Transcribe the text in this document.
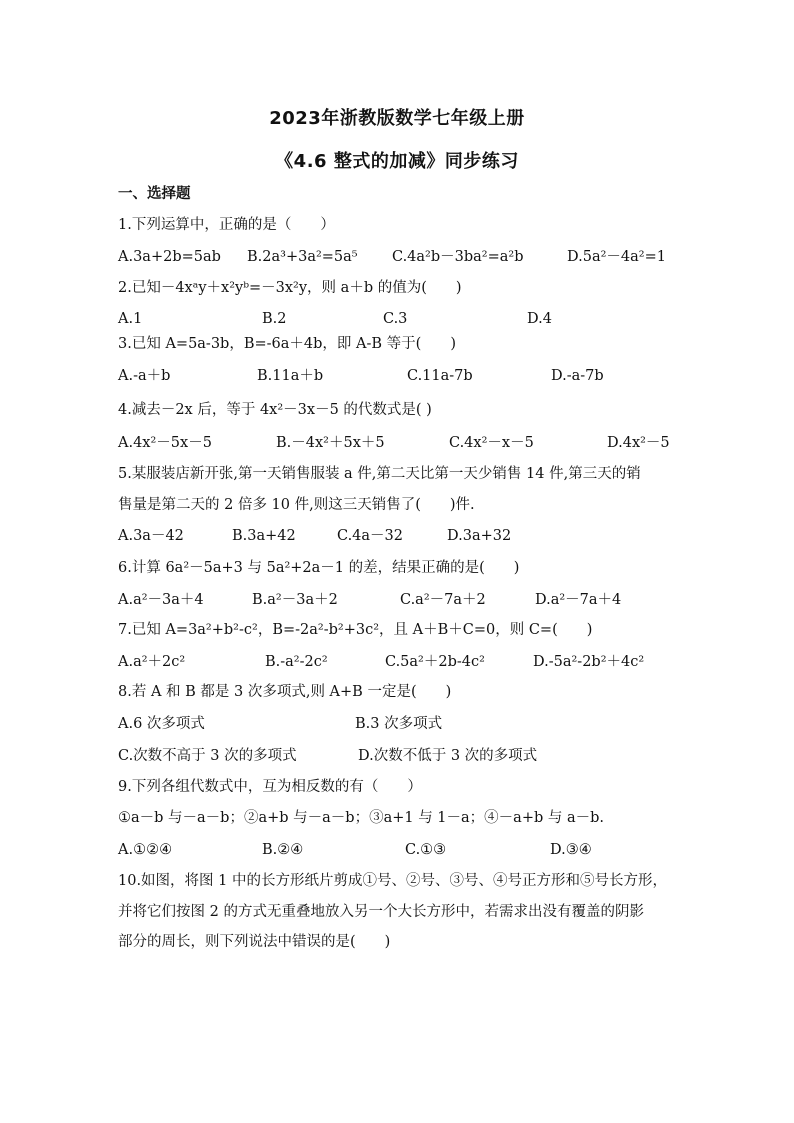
2023年浙教版数学七年级上册
《4.6 整式的加减》同步练习
一、选择题
1.下列运算中，正确的是（　　）
A.3a+2b=5ab B.2a³+3a²=5a⁵ C.4a²b－3ba²=a²b	D.5a²－4a²=1
2.已知－4xᵃy＋x²yᵇ=－3x²y，则 a＋b 的值为(　　)
A.1	B.2	C.3	D.4
3.已知 A=5a-3b，B=-6a＋4b，即 A-B 等于(　　)
A.-a＋b	B.11a＋b	C.11a-7b	D.-a-7b
4.减去－2x 后，等于 4x²－3x－5 的代数式是( )
A.4x²－5x－5	B.－4x²＋5x＋5	C.4x²－x－5	D.4x²－5
5.某服装店新开张,第一天销售服装 a 件,第二天比第一天少销售 14 件,第三天的销
售量是第二天的 2 倍多 10 件,则这三天销售了(　　)件.
A.3a－42	B.3a+42	C.4a－32	D.3a+32
6.计算 6a²－5a+3 与 5a²+2a－1 的差，结果正确的是(　　)
A.a²－3a＋4	B.a²－3a＋2	C.a²－7a＋2	D.a²－7a＋4
7.已知 A=3a²+b²-c²，B=-2a²-b²+3c²，且 A＋B＋C=0，则 C=(　　)
A.a²＋2c²	B.-a²-2c²	C.5a²＋2b-4c²	D.-5a²-2b²＋4c²
8.若 A 和 B 都是 3 次多项式,则 A+B 一定是(　　)
A.6 次多项式	B.3 次多项式
C.次数不高于 3 次的多项式	D.次数不低于 3 次的多项式
9.下列各组代数式中，互为相反数的有（　　）
①a－b 与－a－b；②a+b 与－a－b；③a+1 与 1－a；④－a+b 与 a－b.
A.①②④	B.②④	C.①③	D.③④
10.如图，将图 1 中的长方形纸片剪成①号、②号、③号、④号正方形和⑤号长方形，
并将它们按图 2 的方式无重叠地放入另一个大长方形中，若需求出没有覆盖的阴影
部分的周长，则下列说法中错误的是(　　)
